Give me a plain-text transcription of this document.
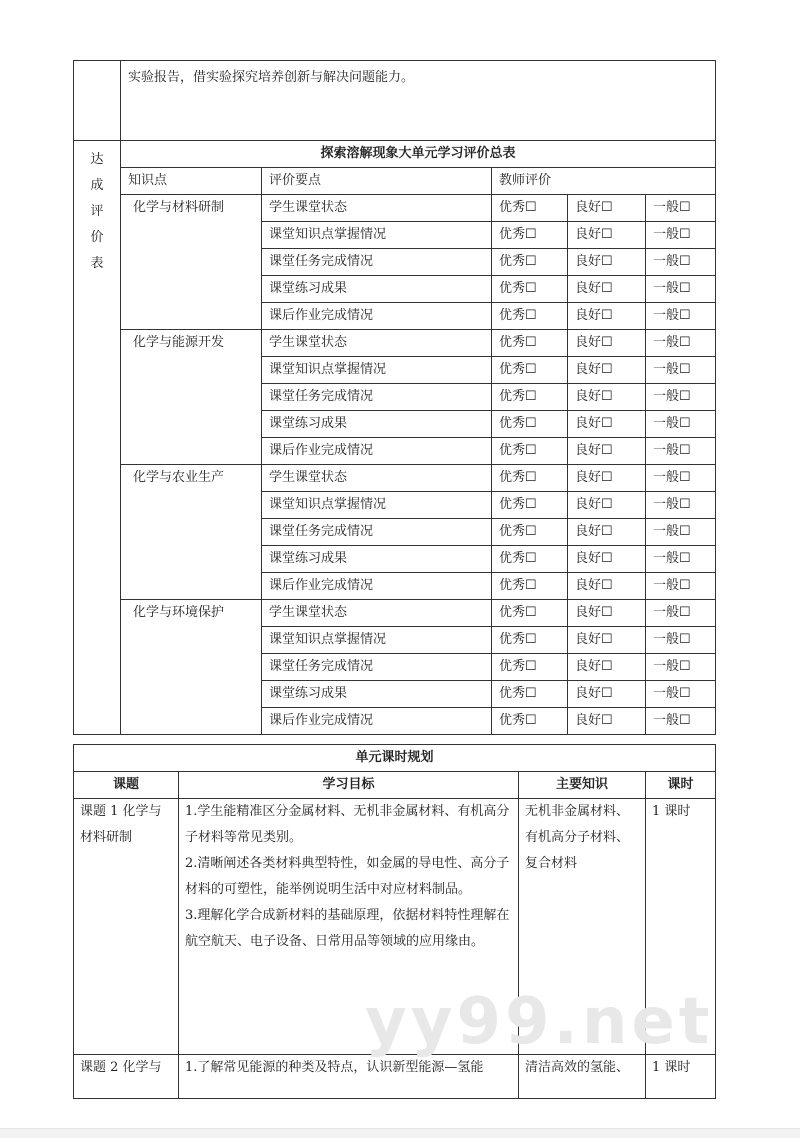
	实验报告，借实验探究培养创新与解决问题能力。				

达
成
评
价
表	探索溶解现象大单元学习评价总表				
	知识点	评价要点	教师评价		
	化学与材料研制	学生课堂状态	优秀☐	良好☐	一般☐
		课堂知识点掌握情况	优秀☐	良好☐	一般☐
		课堂任务完成情况	优秀☐	良好☐	一般☐
		课堂练习成果	优秀☐	良好☐	一般☐
		课后作业完成情况	优秀☐	良好☐	一般☐
	化学与能源开发	学生课堂状态	优秀☐	良好☐	一般☐
		课堂知识点掌握情况	优秀☐	良好☐	一般☐
		课堂任务完成情况	优秀☐	良好☐	一般☐
		课堂练习成果	优秀☐	良好☐	一般☐
		课后作业完成情况	优秀☐	良好☐	一般☐
	化学与农业生产	学生课堂状态	优秀☐	良好☐	一般☐
		课堂知识点掌握情况	优秀☐	良好☐	一般☐
		课堂任务完成情况	优秀☐	良好☐	一般☐
		课堂练习成果	优秀☐	良好☐	一般☐
		课后作业完成情况	优秀☐	良好☐	一般☐
	化学与环境保护	学生课堂状态	优秀☐	良好☐	一般☐
		课堂知识点掌握情况	优秀☐	良好☐	一般☐
		课堂任务完成情况	优秀☐	良好☐	一般☐
		课堂练习成果	优秀☐	良好☐	一般☐
		课后作业完成情况	优秀☐	良好☐	一般☐
单元课时规划			
课题	学习目标	主要知识	课时
课题 1 化学与材料研制	1.学生能精准区分金属材料、无机非金属材料、有机高分子材料等常见类别。
2.清晰阐述各类材料典型特性，如金属的导电性、高分子材料的可塑性，能举例说明生活中对应材料制品。
3.理解化学合成新材料的基础原理，依据材料特性理解在航空航天、电子设备、日常用品等领域的应用缘由。	无机非金属材料、有机高分子材料、复合材料	1 课时
课题 2 化学与	1.了解常见能源的种类及特点，认识新型能源—氢能	清洁高效的氢能、	1 课时
yy99.net
